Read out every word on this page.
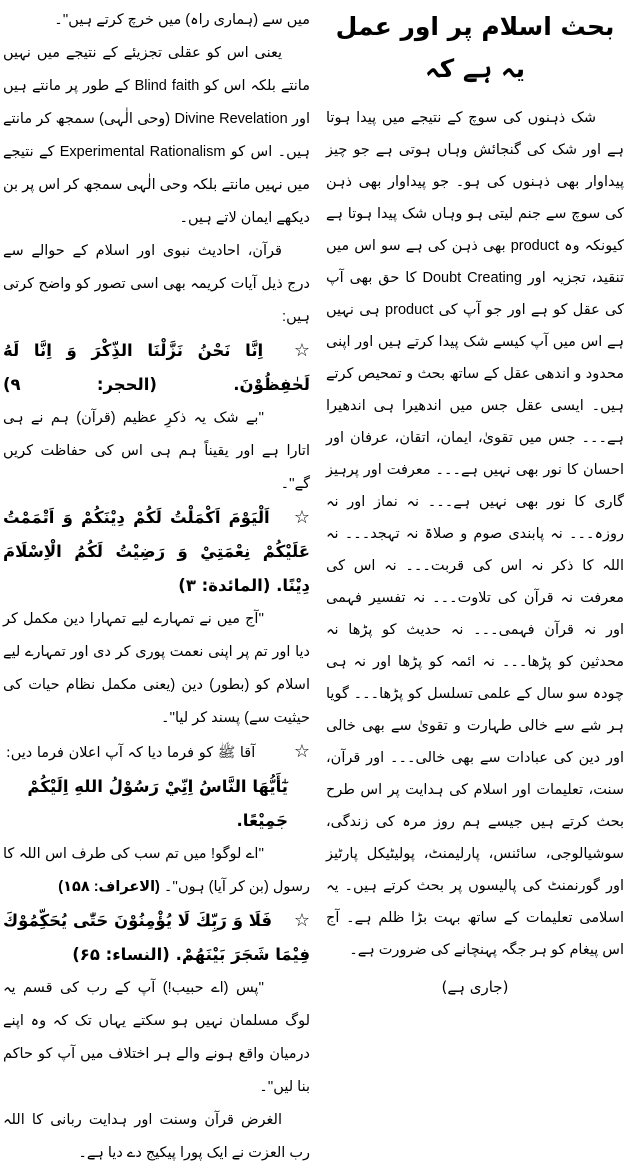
بحث اسلام پر اور عمل یہ ہے کہ

شک ذہنوں کی سوچ کے نتیجے میں پیدا ہوتا ہے اور شک کی گنجائش وہاں ہوتی ہے جو چیز پیداوار بھی ذہنوں کی ہو۔ جو پیداوار بھی ذہن کی سوچ سے جنم لیتی ہو وہاں شک پیدا ہوتا ہے کیونکہ وہ product بھی ذہن کی ہے سو اس میں تنقید، تجزیہ اور Doubt Creating کا حق بھی آپ کی عقل کو ہے اور جو آپ کی product ہی نہیں ہے اس میں آپ کیسے شک پیدا کرتے ہیں اور اپنی محدود و اندھی عقل کے ساتھ بحث و تمحیص کرتے ہیں۔ ایسی عقل جس میں اندھیرا ہی اندھیرا ہے۔۔۔ جس میں تقویٰ، ایمان، اتقان، عرفان اور احسان کا نور بھی نہیں ہے۔۔۔ معرفت اور پرہیز گاری کا نور بھی نہیں ہے۔۔۔ نہ نماز اور نہ روزہ۔۔۔ نہ پابندی صوم و صلاۃ نہ تہجد۔۔۔ نہ اللہ کا ذکر نہ اس کی قربت۔۔۔ نہ اس کی معرفت نہ قرآن کی تلاوت۔۔۔ نہ تفسیر فہمی اور نہ قرآن فہمی۔۔۔ نہ حدیث کو پڑھا نہ محدثین کو پڑھا۔۔۔ نہ ائمہ کو پڑھا اور نہ ہی چودہ سو سال کے علمی تسلسل کو پڑھا۔۔۔ گویا ہر شے سے خالی طہارت و تقویٰ سے بھی خالی اور دین کی عبادات سے بھی خالی۔۔۔ اور قرآن، سنت، تعلیمات اور اسلام کی ہدایت پر اس طرح بحث کرتے ہیں جیسے ہم روز مرہ کی زندگی، سوشیالوجی، سائنس، پارلیمنٹ، پولیٹیکل پارٹیز اور گورنمنٹ کی پالیسوں پر بحث کرتے ہیں۔ یہ اسلامی تعلیمات کے ساتھ بہت بڑا ظلم ہے۔ آج اس پیغام کو ہر جگہ پہنچانے کی ضرورت ہے۔

(جاری ہے)

میں سے (ہماری راہ) میں خرچ کرتے ہیں''۔

یعنی اس کو عقلی تجزیئے کے نتیجے میں نہیں مانتے بلکہ اس کو Blind faith کے طور پر مانتے ہیں اور Divine Revelation (وحی الٰہی) سمجھ کر مانتے ہیں۔ اس کو Experimental Rationalism کے نتیجے میں نہیں مانتے بلکہ وحی الٰہی سمجھ کر اس پر بن دیکھے ایمان لاتے ہیں۔

قرآن، احادیث نبوی اور اسلام کے حوالے سے درج ذیل آیات کریمہ بھی اسی تصور کو واضح کرتی ہیں:

☆ اِنَّا نَحْنُ نَزَّلْنَا الذِّكْرَ وَ اِنَّا لَهُ لَحٰفِظُوْنَ. (الحجر: ۹)

''بے شک یہ ذکرِ عظیم (قرآن) ہم نے ہی اتارا ہے اور یقیناً ہم ہی اس کی حفاظت کریں گے''۔

☆ اَلْيَوْمَ اَكْمَلْتُ لَكُمْ دِيْنَكُمْ وَ اَتْمَمْتُ عَلَيْكُمْ نِعْمَتِيْ وَ رَضِيْتُ لَكُمُ الْاِسْلَامَ دِيْنًا. (المائدة: ۳)

''آج میں نے تمہارے لیے تمہارا دین مکمل کر دیا اور تم پر اپنی نعمت پوری کر دی اور تمہارے لیے اسلام کو (بطور) دین (یعنی مکمل نظام حیات کی حیثیت سے) پسند کر لیا''۔

☆ آقا ﷺ کو فرما دیا کہ آپ اعلان فرما دیں:

يٰٓأَيُّهَا النَّاسُ اِنِّيْ رَسُوْلُ اللهِ اِلَيْكُمْ جَمِيْعًا.

''اے لوگو! میں تم سب کی طرف اس اللہ کا رسول (بن کر آیا) ہوں''۔ (الاعراف: ۱۵۸)

☆ فَلَا وَ رَبِّكَ لَا يُؤْمِنُوْنَ حَتّٰى يُحَكِّمُوْكَ فِيْمَا شَجَرَ بَيْنَهُمْ. (النساء: ۶۵)

''پس (اے حبیب!) آپ کے رب کی قسم یہ لوگ مسلمان نہیں ہو سکتے یہاں تک کہ وہ اپنے درمیان واقع ہونے والے ہر اختلاف میں آپ کو حاکم بنا لیں''۔

الغرض قرآن وسنت اور ہدایت ربانی کا اللہ رب العزت نے ایک پورا پیکیج دے دیا ہے۔
